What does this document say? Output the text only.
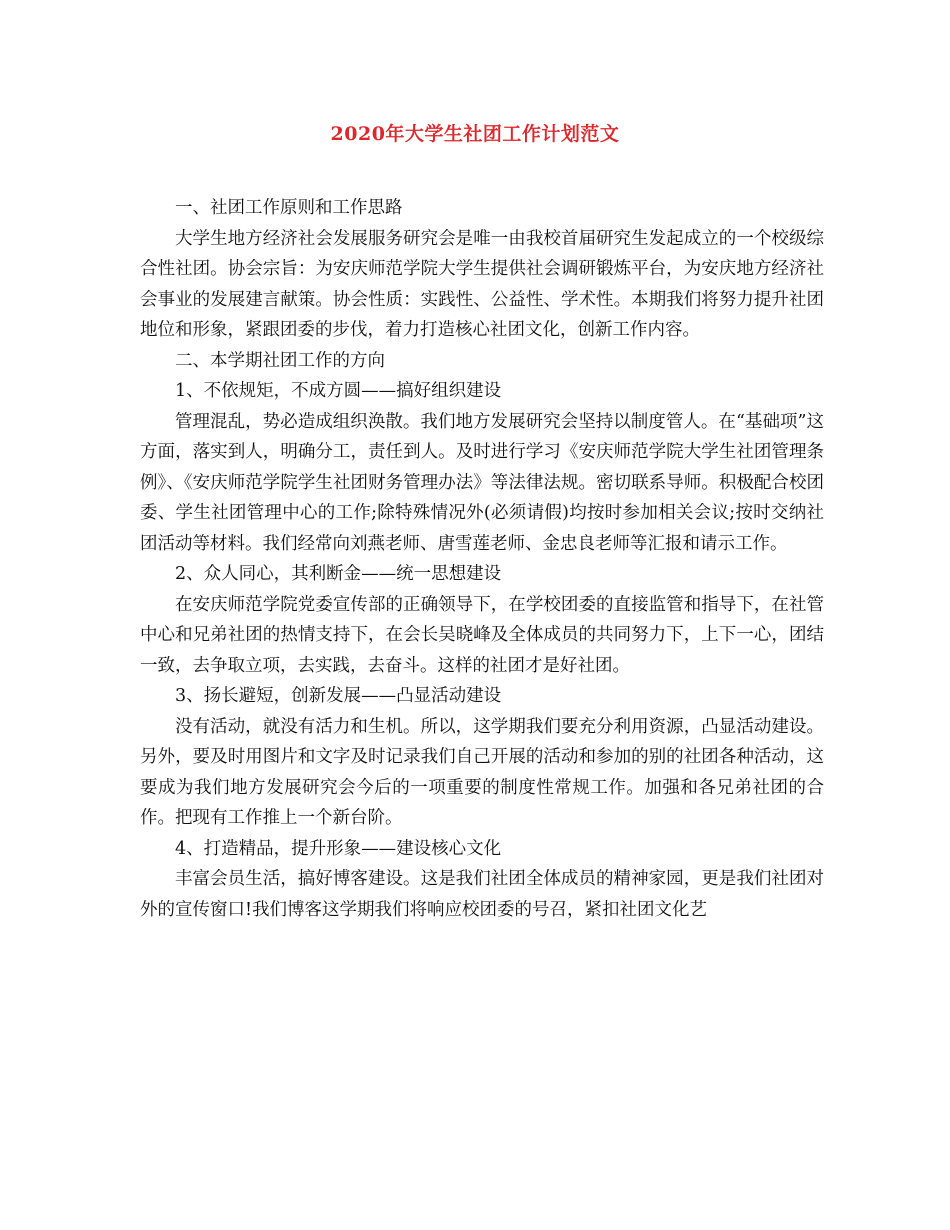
2020年大学生社团工作计划范文

一、社团工作原则和工作思路

大学生地方经济社会发展服务研究会是唯一由我校首届研究生发起成立的一个校级综合性社团。协会宗旨：为安庆师范学院大学生提供社会调研锻炼平台，为安庆地方经济社会事业的发展建言献策。协会性质：实践性、公益性、学术性。本期我们将努力提升社团地位和形象，紧跟团委的步伐，着力打造核心社团文化，创新工作内容。

二、本学期社团工作的方向

1、不依规矩，不成方圆——搞好组织建设

管理混乱，势必造成组织涣散。我们地方发展研究会坚持以制度管人。在“基础项”这方面，落实到人，明确分工，责任到人。及时进行学习《安庆师范学院大学生社团管理条例》、《安庆师范学院学生社团财务管理办法》等法律法规。密切联系导师。积极配合校团委、学生社团管理中心的工作;除特殊情况外(必须请假)均按时参加相关会议;按时交纳社团活动等材料。我们经常向刘燕老师、唐雪莲老师、金忠良老师等汇报和请示工作。

2、众人同心，其利断金——统一思想建设

在安庆师范学院党委宣传部的正确领导下，在学校团委的直接监管和指导下，在社管中心和兄弟社团的热情支持下，在会长吴晓峰及全体成员的共同努力下，上下一心，团结一致，去争取立项，去实践，去奋斗。这样的社团才是好社团。

3、扬长避短，创新发展——凸显活动建设

没有活动，就没有活力和生机。所以，这学期我们要充分利用资源，凸显活动建设。另外，要及时用图片和文字及时记录我们自己开展的活动和参加的别的社团各种活动，这要成为我们地方发展研究会今后的一项重要的制度性常规工作。加强和各兄弟社团的合作。把现有工作推上一个新台阶。

4、打造精品，提升形象——建设核心文化

丰富会员生活，搞好博客建设。这是我们社团全体成员的精神家园，更是我们社团对外的宣传窗口!我们博客这学期我们将响应校团委的号召，紧扣社团文化艺
